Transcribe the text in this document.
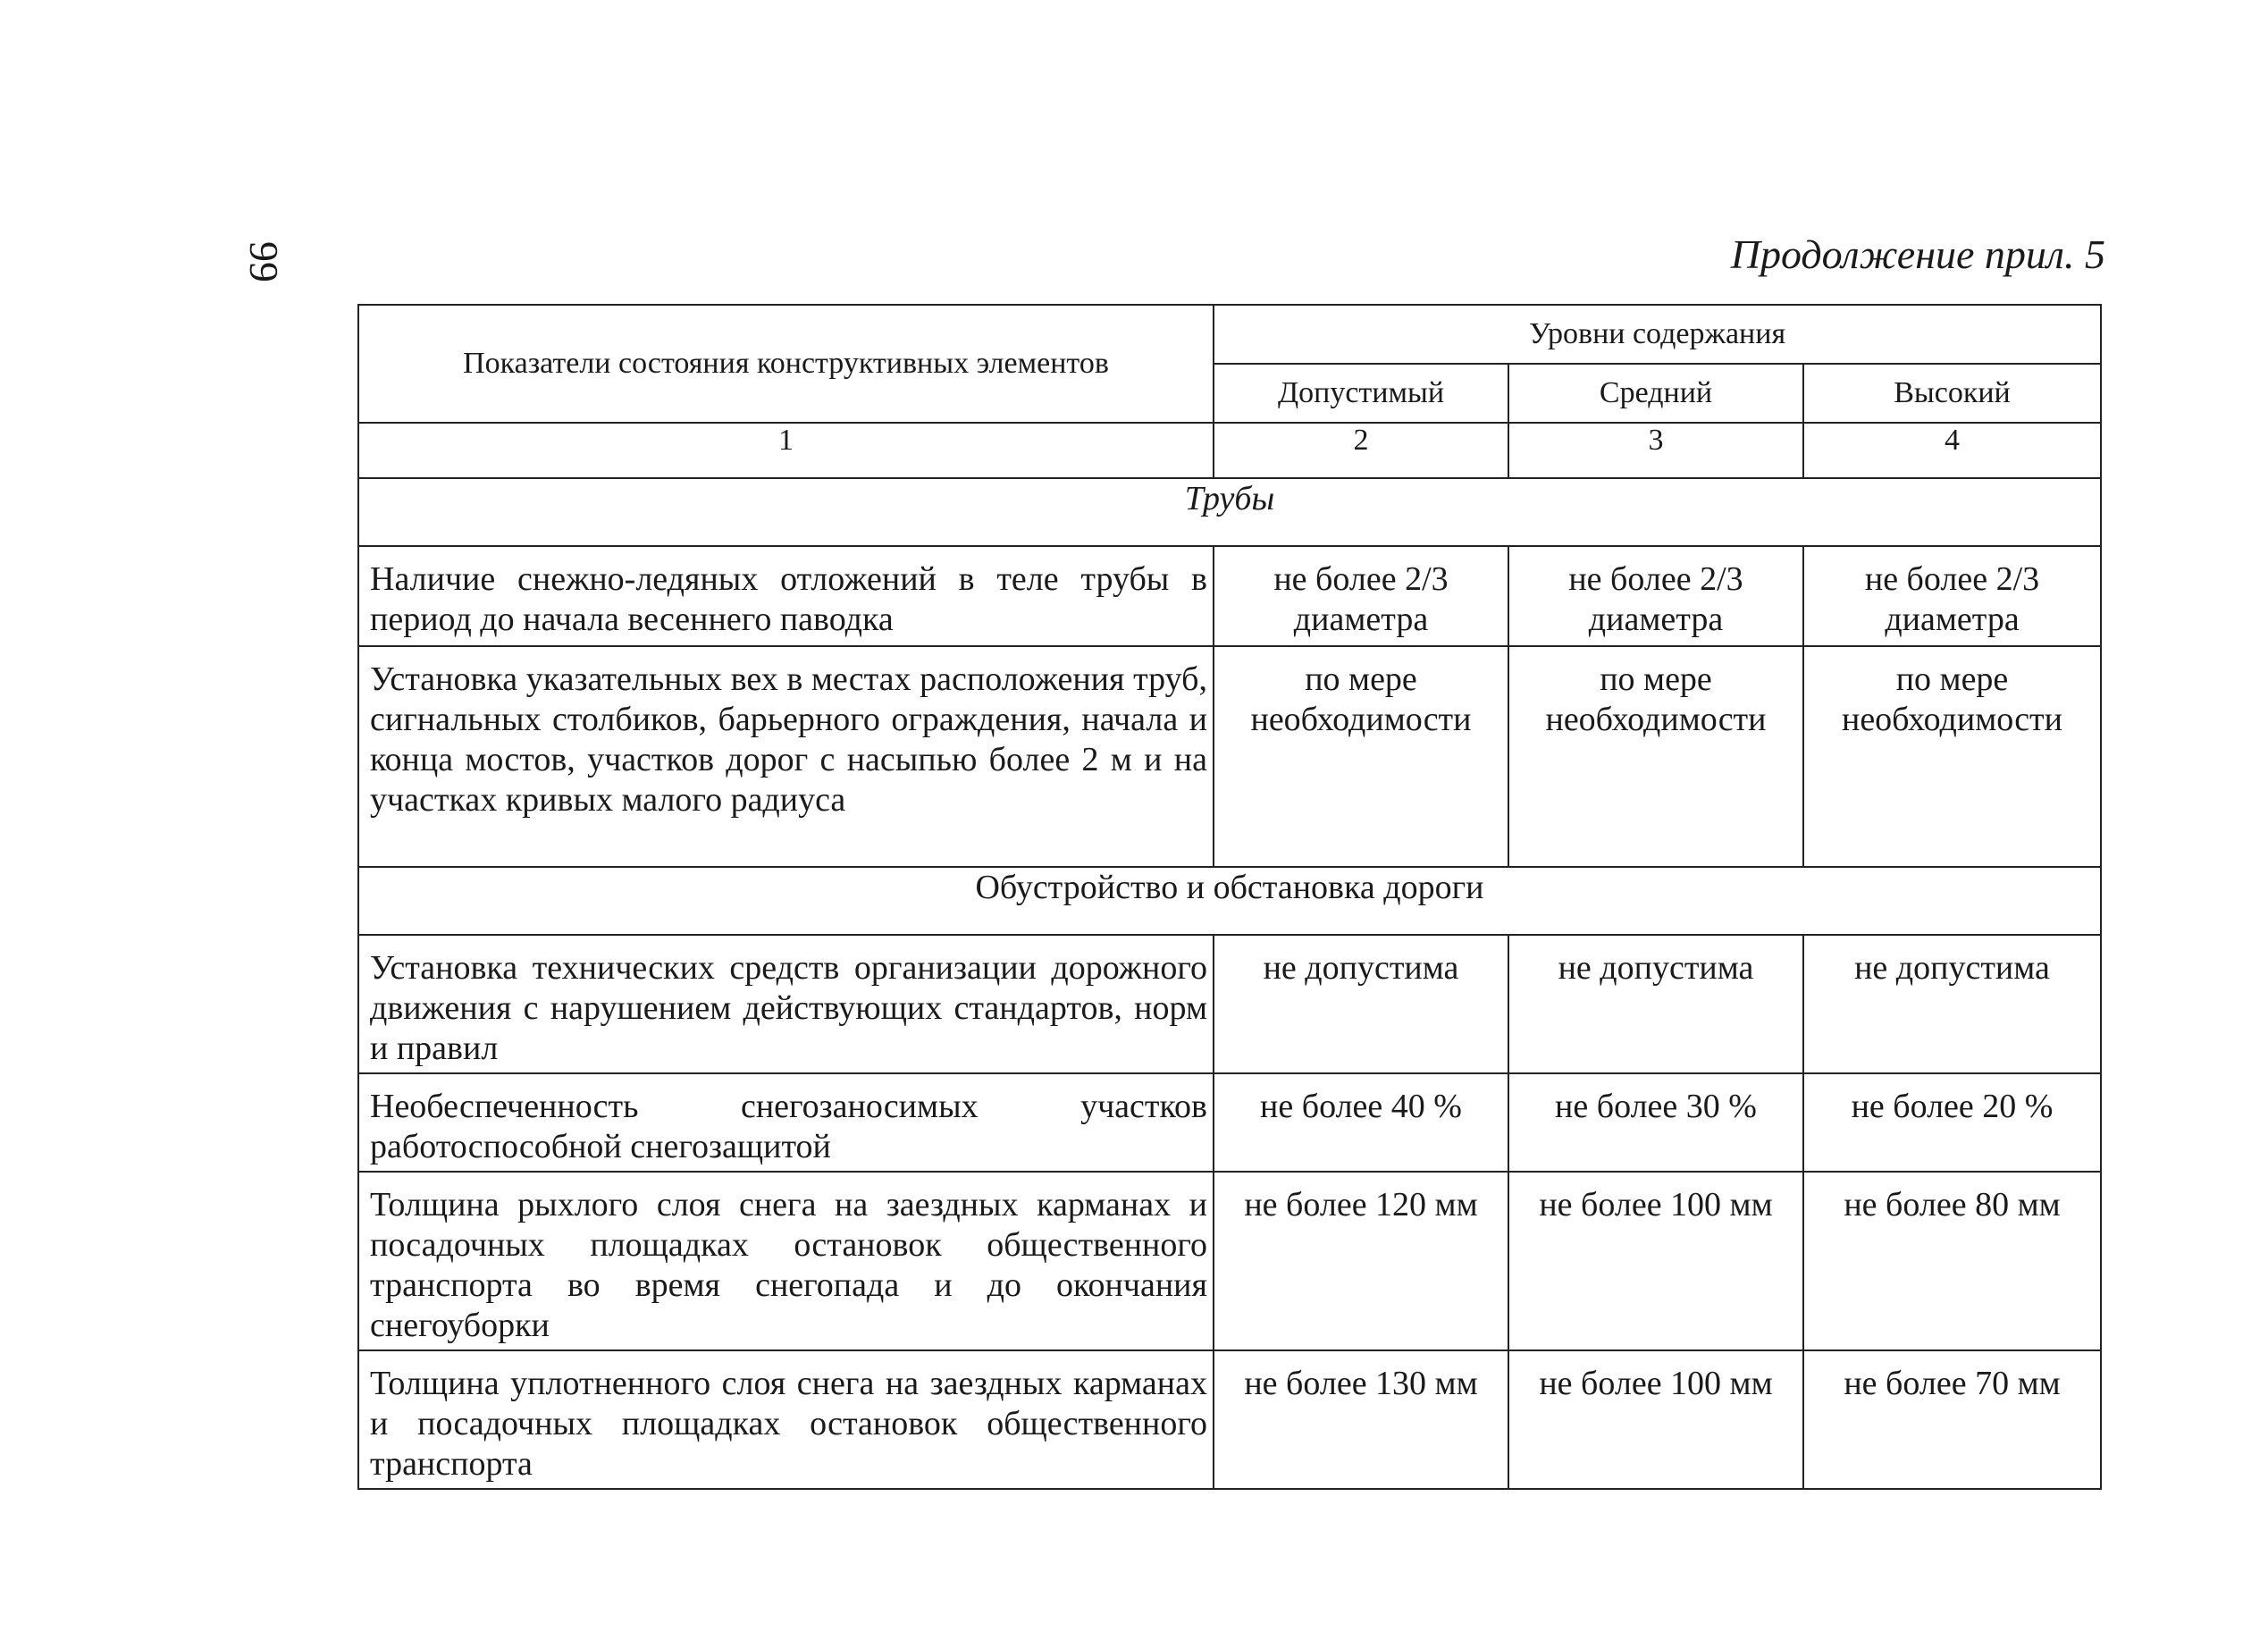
99	Продолжение прил. 5
Показатели состояния конструктивных элементов	Уровни содержания		
	Допустимый	Средний	Высокий
1	2	3	4
Трубы			
Наличие снежно-ледяных отложений в теле трубы в период до начала весеннего паводка	не более 2/3 диаметра	не более 2/3 диаметра	не более 2/3 диаметра
Установка указательных вех в местах расположения труб, сигнальных столбиков, барьерного ограждения, начала и конца мостов, участков дорог с насыпью более 2 м и на участках кривых малого радиуса	по мере необходимости	по мере необходимости	по мере необходимости
Обустройство и обстановка дороги			
Установка технических средств организации дорожного движения с нарушением действующих стандартов, норм и правил	не допустима	не допустима	не допустима
Необеспеченность снегозаносимых участков работоспособной снегозащитой	не более 40 %	не более 30 %	не более 20 %
Толщина рыхлого слоя снега на заездных карманах и посадочных площадках остановок общественного транспорта во время снегопада и до окончания снегоуборки	не более 120 мм	не более 100 мм	не более 80 мм
Толщина уплотненного слоя снега на заездных карманах и посадочных площадках остановок общественного транспорта	не более 130 мм	не более 100 мм	не более 70 мм
